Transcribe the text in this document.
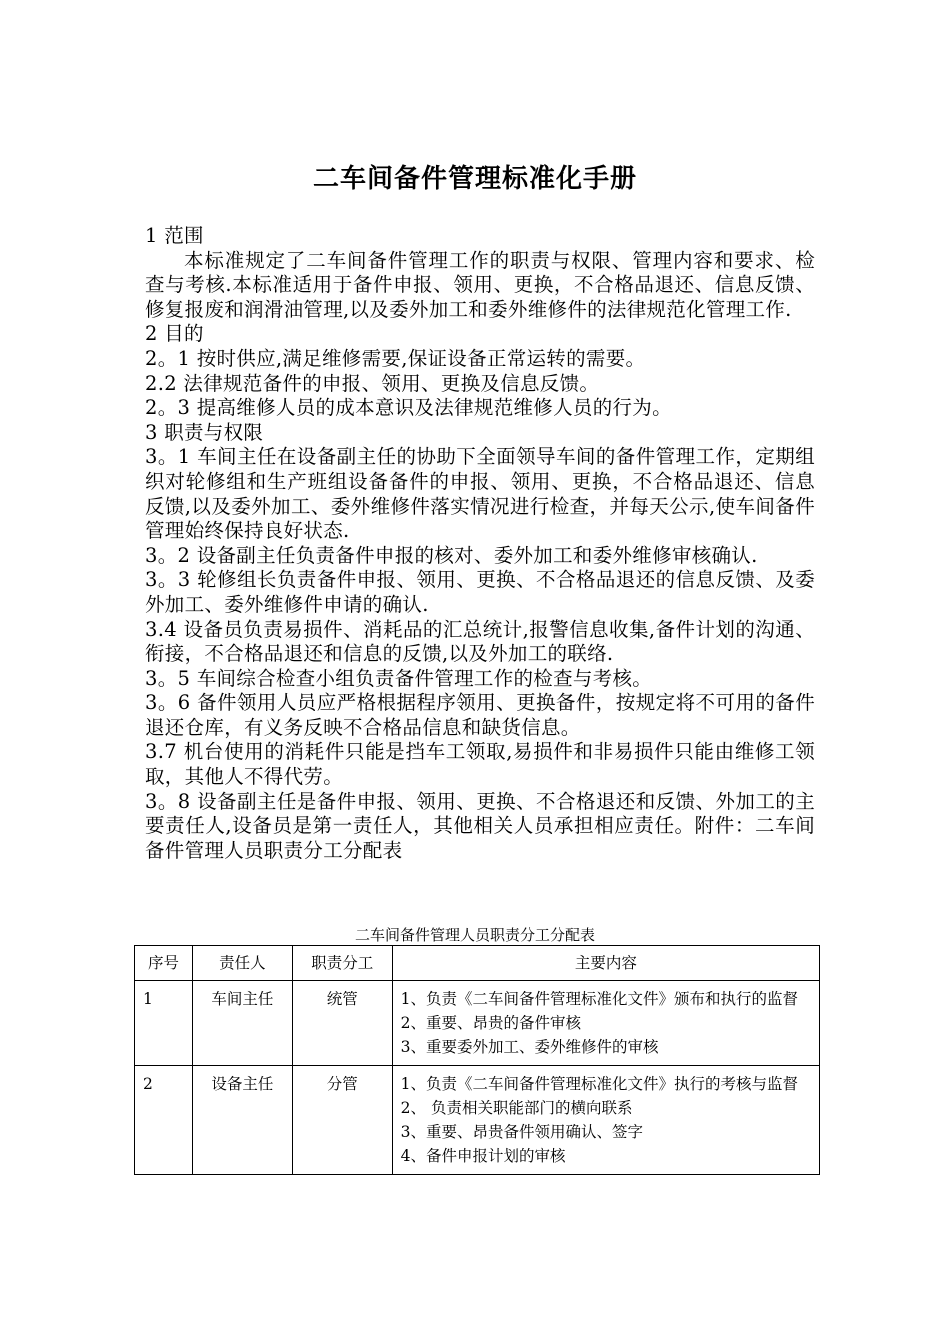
二车间备件管理标准化手册

1 范围

本标准规定了二车间备件管理工作的职责与权限、管理内容和要求、检查与考核.本标准适用于备件申报、领用、更换，不合格品退还、信息反馈、修复报废和润滑油管理,以及委外加工和委外维修件的法律规范化管理工作.

2 目的

2。1 按时供应,满足维修需要,保证设备正常运转的需要。

2.2 法律规范备件的申报、领用、更换及信息反馈。

2。3 提高维修人员的成本意识及法律规范维修人员的行为。

3 职责与权限

3。1 车间主任在设备副主任的协助下全面领导车间的备件管理工作，定期组织对轮修组和生产班组设备备件的申报、领用、更换，不合格品退还、信息反馈,以及委外加工、委外维修件落实情况进行检查，并每天公示,使车间备件管理始终保持良好状态.

3。2 设备副主任负责备件申报的核对、委外加工和委外维修审核确认.

3。3 轮修组长负责备件申报、领用、更换、不合格品退还的信息反馈、及委外加工、委外维修件申请的确认.

3.4 设备员负责易损件、消耗品的汇总统计,报警信息收集,备件计划的沟通、衔接，不合格品退还和信息的反馈,以及外加工的联络.

3。5 车间综合检查小组负责备件管理工作的检查与考核。

3。6 备件领用人员应严格根据程序领用、更换备件，按规定将不可用的备件退还仓库，有义务反映不合格品信息和缺货信息。

3.7 机台使用的消耗件只能是挡车工领取,易损件和非易损件只能由维修工领取，其他人不得代劳。

3。8 设备副主任是备件申报、领用、更换、不合格退还和反馈、外加工的主要责任人,设备员是第一责任人，其他相关人员承担相应责任。附件：二车间备件管理人员职责分工分配表

二车间备件管理人员职责分工分配表
序号	责任人	职责分工	主要内容
1	车间主任	统管	1、负责《二车间备件管理标准化文件》颁布和执行的监督
2、重要、昂贵的备件审核
3、重要委外加工、委外维修件的审核

2	设备主任	分管	1、负责《二车间备件管理标准化文件》执行的考核与监督
2、 负责相关职能部门的横向联系
3、重要、昂贵备件领用确认、签字
4、备件申报计划的审核
